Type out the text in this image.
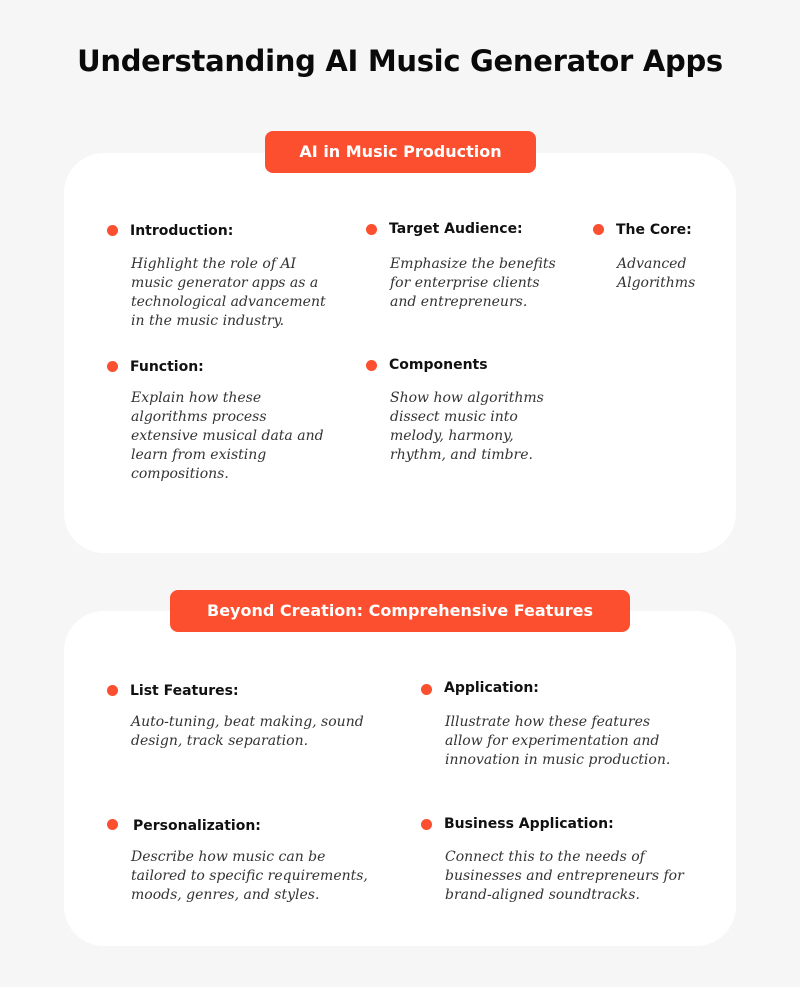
Understanding AI Music Generator Apps
AI in Music Production
Introduction:
Highlight the role of AI music generator apps as a technological advancement in the music industry.
Target Audience:
Emphasize the benefits for enterprise clients and entrepreneurs.
The Core:
Advanced Algorithms
Function:
Explain how these algorithms process extensive musical data and learn from existing compositions.
Components
Show how algorithms dissect music into melody, harmony, rhythm, and timbre.
Beyond Creation: Comprehensive Features
List Features:
Auto-tuning, beat making, sound design, track separation.
Application:
Illustrate how these features allow for experimentation and innovation in music production.
Personalization:
Describe how music can be tailored to specific requirements, moods, genres, and styles.
Business Application:
Connect this to the needs of businesses and entrepreneurs for brand-aligned soundtracks.
